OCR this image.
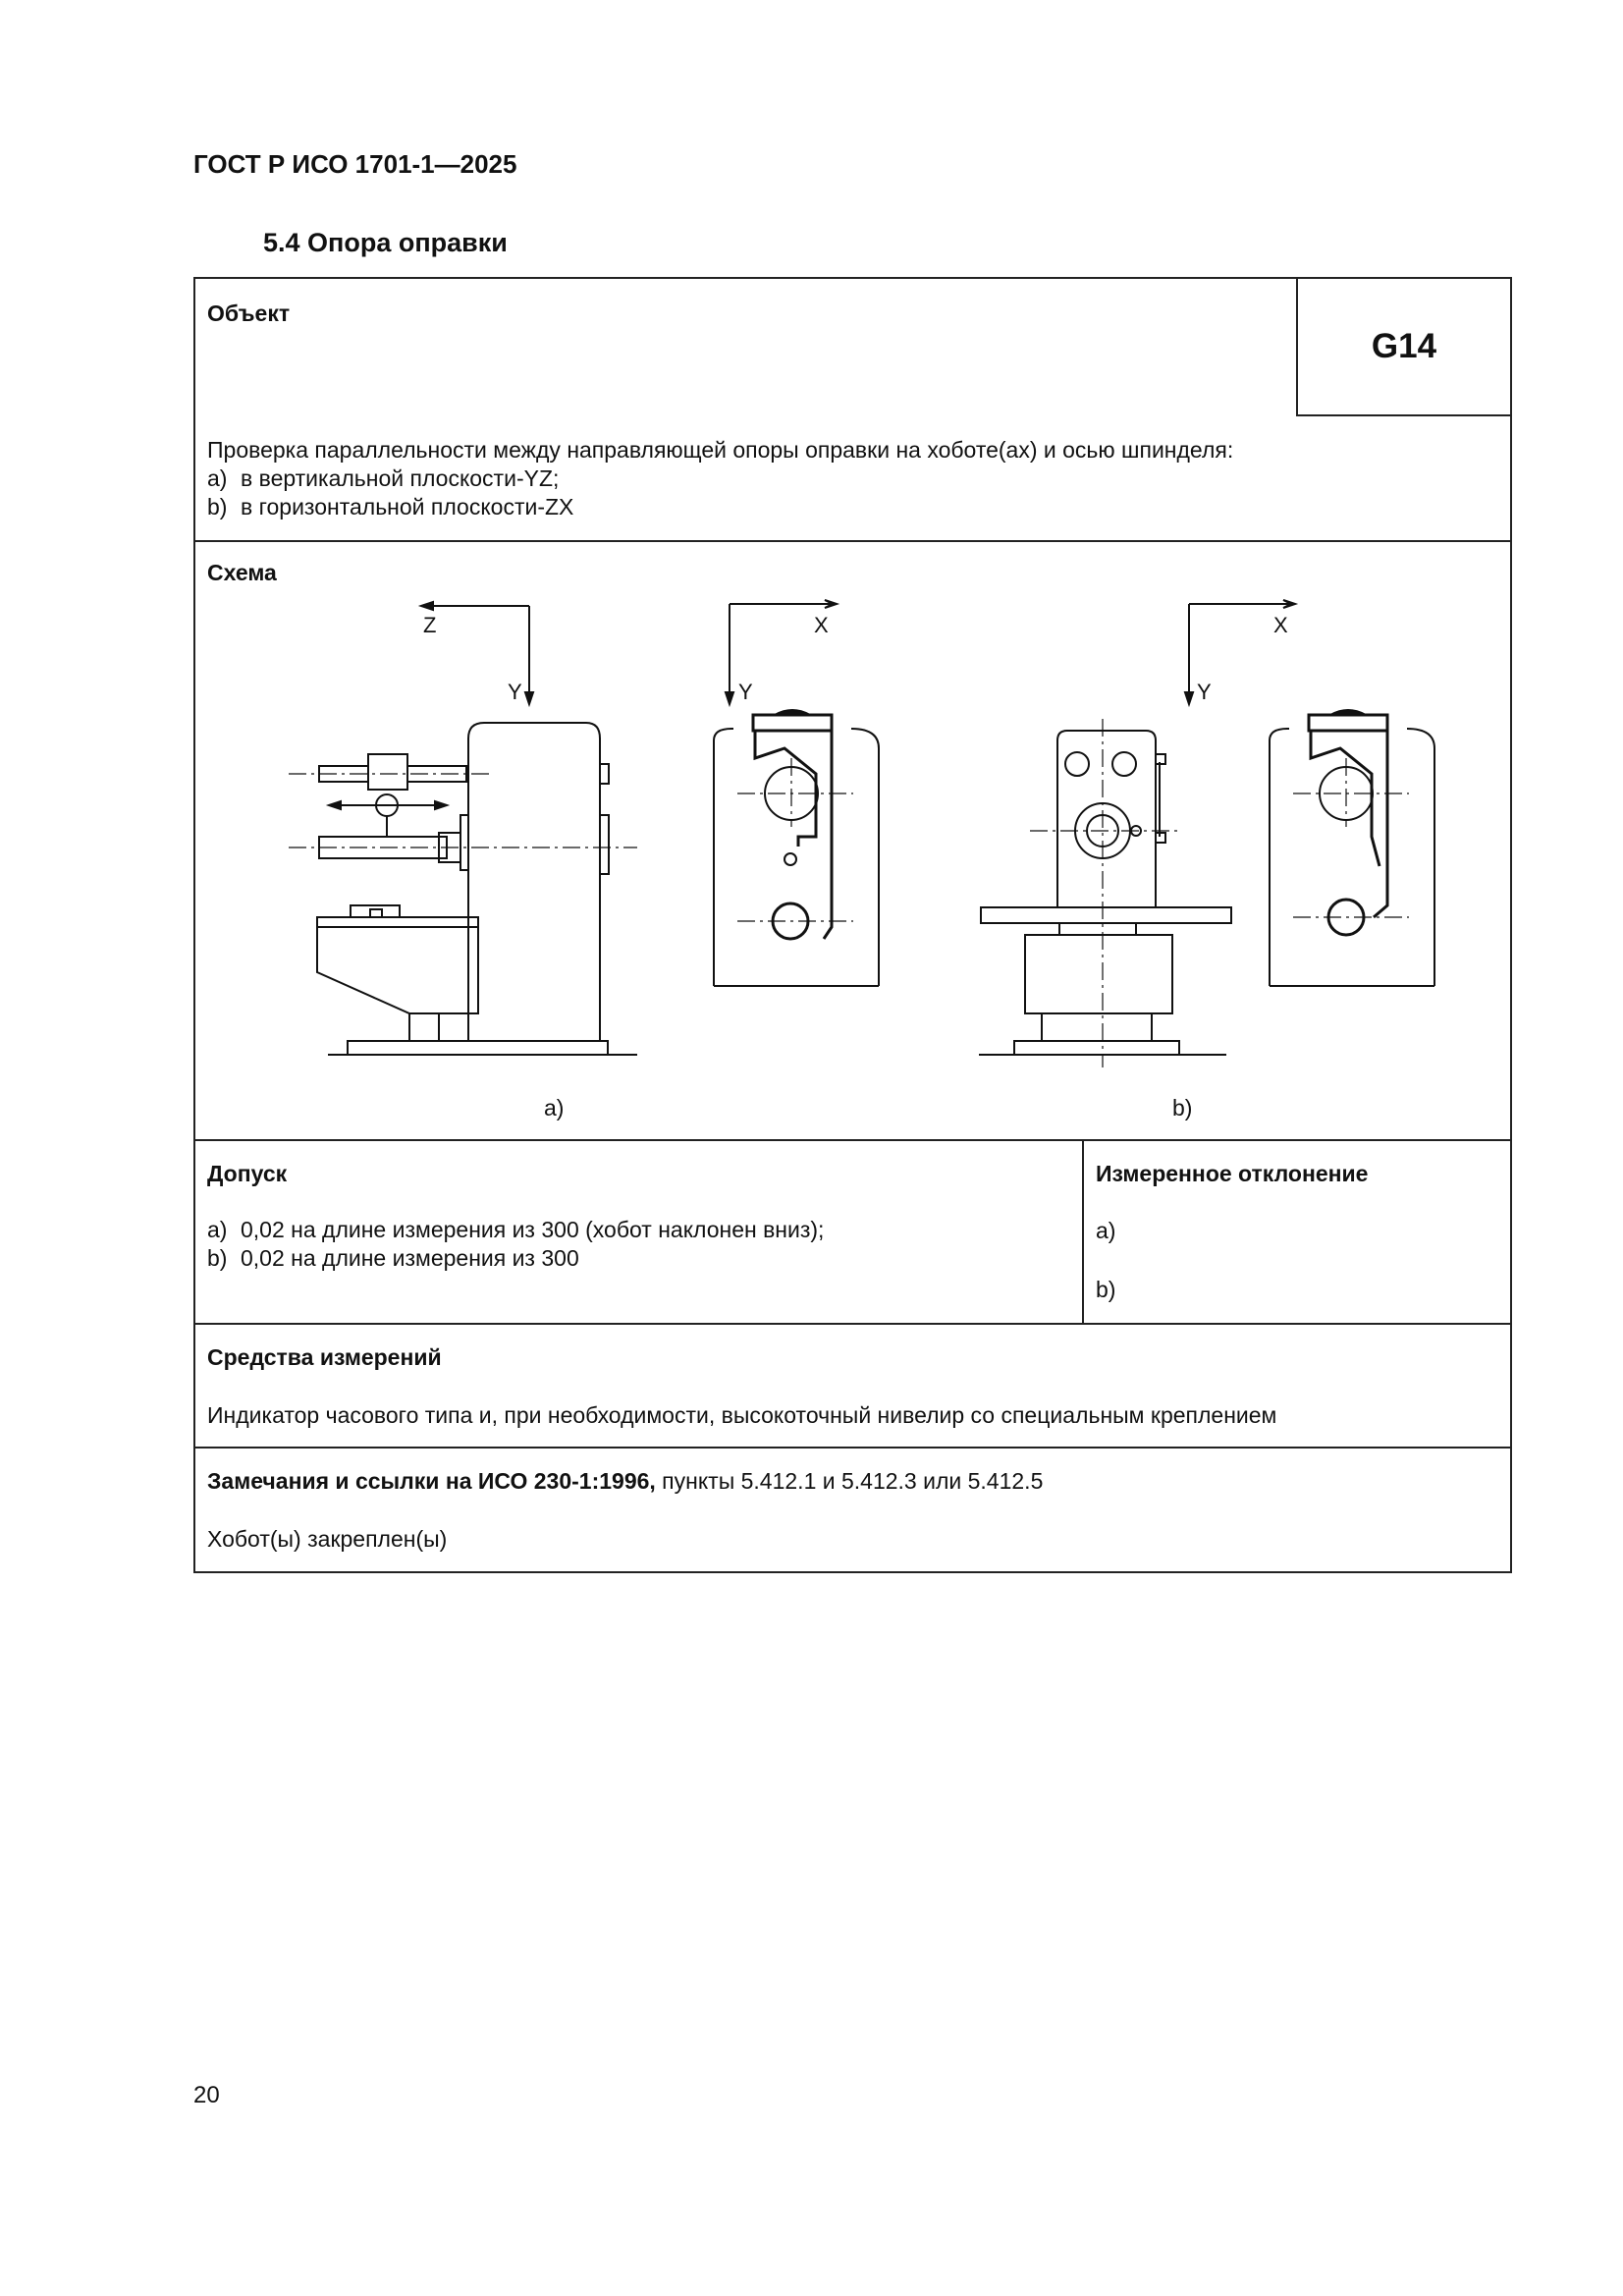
ГОСТ Р ИСО 1701-1—2025
5.4 Опора оправки
Объект
G14
Проверка параллельности между направляющей опоры оправки на хоботе(ах) и осью шпинделя:
a) в вертикальной плоскости-YZ;
b) в горизонтальной плоскости-ZX
Схема
Z
Y
a)
X
Y
X
Y
b)
Допуск
a) 0,02 на длине измерения из 300 (хобот наклонен вниз);
b) 0,02 на длине измерения из 300
Измеренное отклонение
a)
b)
Средства измерений
Индикатор часового типа и, при необходимости, высокоточный нивелир со специальным креплением
Замечания и ссылки на ИСО 230-1:1996, пункты 5.412.1 и 5.412.3 или 5.412.5
Хобот(ы) закреплен(ы)
20
